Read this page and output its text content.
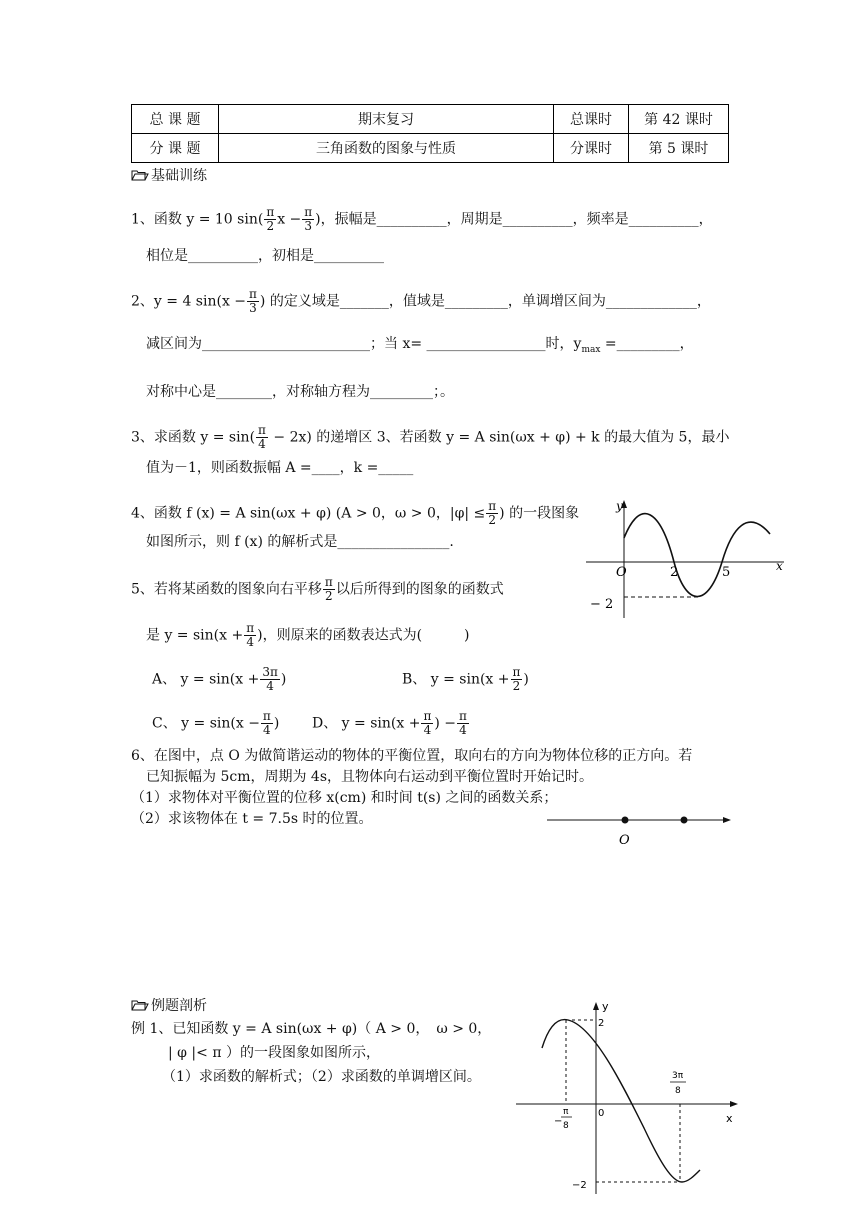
总 课 题	期末复习	总课时	第 42 课时
分 课 题	三角函数的图象与性质	分课时	第 5 课时
基础训练
1、函数 y = 10 $\sin( \frac{\pi}{2}$ $x - \frac{\pi}{3}$ )，振幅是__________，周期是__________，频率是__________，
相位是__________，初相是__________
2、y = 4 $\sin(x - \frac{\pi}{3}$ ) 的定义域是_______，值域是_________，单调增区间为_____________，
减区间为________________________；当 x= _________________时，$y_{max}$ =_________，
对称中心是________，对称轴方程为_________；。
3、求函数 $y = \sin( \frac{\pi}{4} - 2x)$ 的递增区 3、若函数 y = A sin(ωx + φ) + k 的最大值为 5，最小
值为－1，则函数振幅 A =____，k =_____
4、函数 f (x) = A sin(ωx + φ) (A > 0，ω > 0，$|\varphi| \le \frac{\pi}{2}$ ) 的一段图象
如图所示，则 f (x) 的解析式是________________.
y
x
O	2	5
− 2
5、若将某函数的图象向右平移 $\frac{\pi}{2}$ 以后所得到的图象的函数式
是 $y = \sin(x + \frac{\pi}{4}$ )，则原来的函数表达式为(　　　)
A、 $y = \sin(x + \frac{3\pi}{4}$ )	B、 $y = \sin(x + \frac{\pi}{2}$ )
C、 $y = \sin(x - \frac{\pi}{4}$ ) D、 $y = \sin(x + \frac{\pi}{4}$ ) − $\frac{\pi}{4}$
6、在图中，点 O 为做简谐运动的物体的平衡位置，取向右的方向为物体位移的正方向。若
已知振幅为 5cm，周期为 4s，且物体向右运动到平衡位置时开始记时。
（1）求物体对平衡位置的位移 x(cm) 和时间 t(s) 之间的函数关系；
（2）求该物体在 t = 7.5s 时的位置。
O
例题剖析
例 1、已知函数 y = A sin(ωx + φ)（ A > 0，　ω > 0，
| φ |< π ）的一段图象如图所示，
（1）求函数的解析式；（2）求函数的单调增区间。
y
x
0
2
−2
−
π
8
3π
8
